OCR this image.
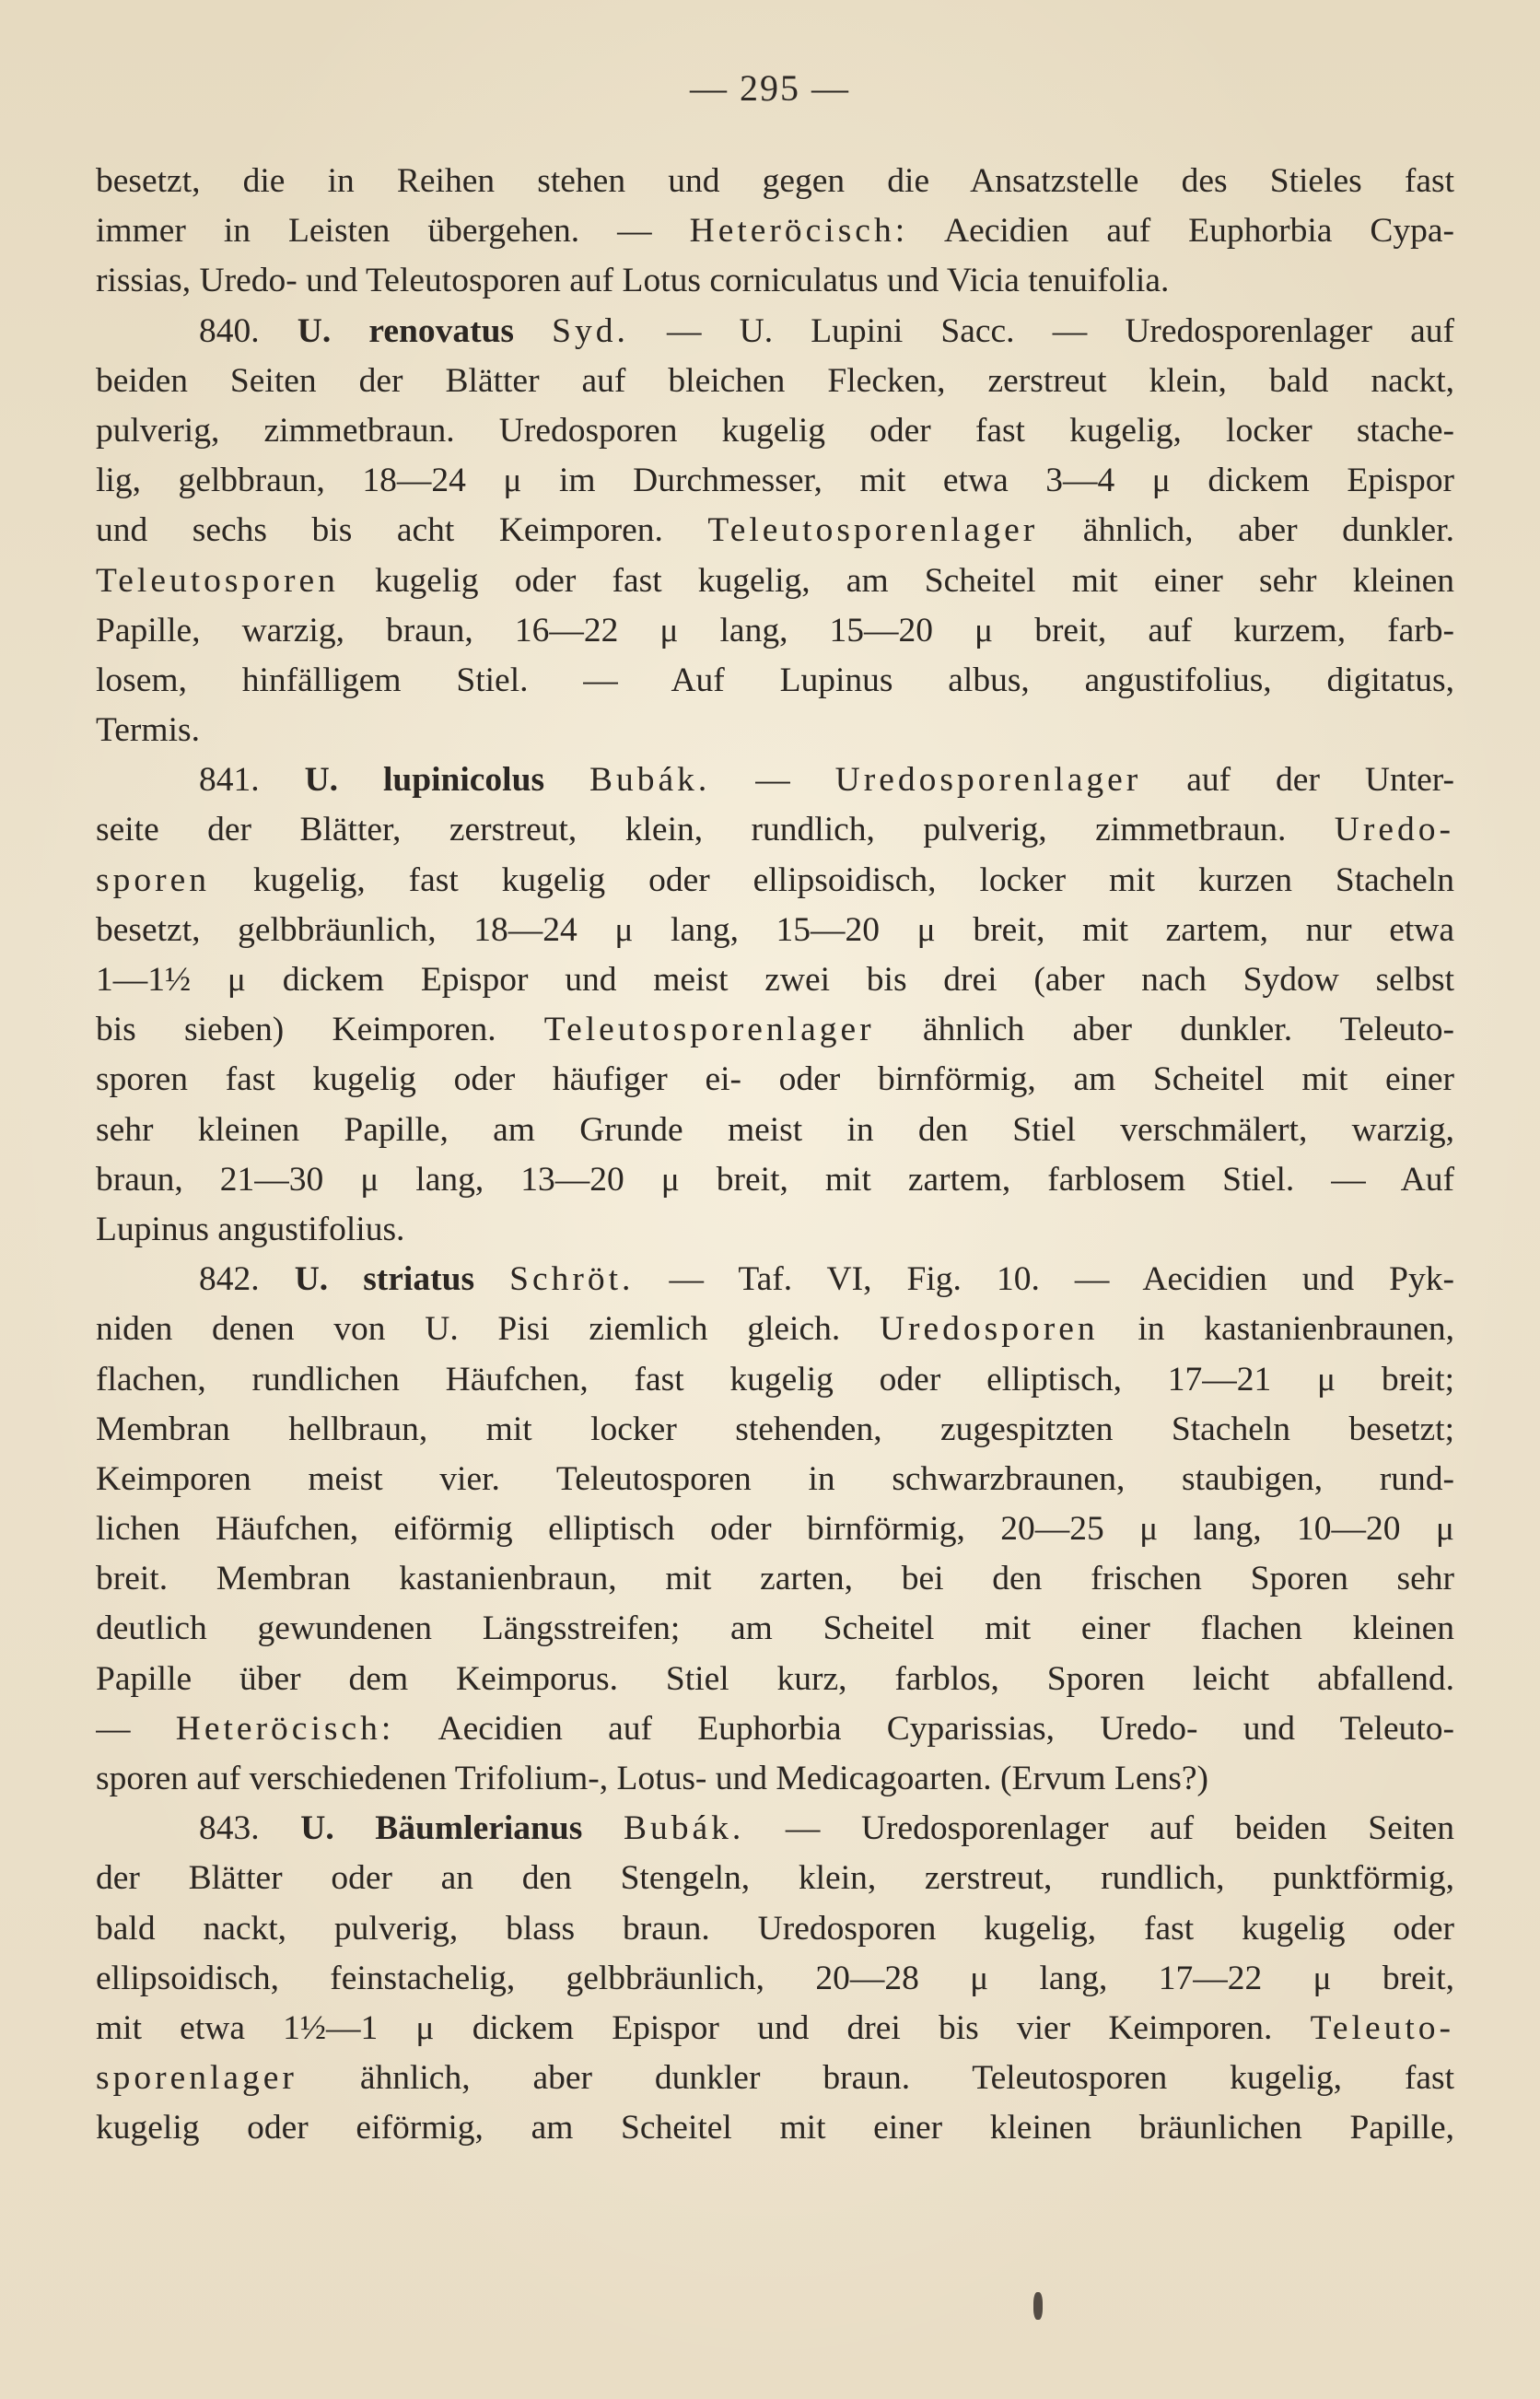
— 295 —
besetzt, die in Reihen stehen und gegen die Ansatzstelle des Stieles fast
immer in Leisten übergehen. — Heteröcisch: Aecidien auf Euphorbia Cypa-
rissias, Uredo- und Teleutosporen auf Lotus corniculatus und Vicia tenuifolia.
840. U. renovatus Syd. — U. Lupini Sacc. — Uredosporenlager auf
beiden Seiten der Blätter auf bleichen Flecken, zerstreut klein, bald nackt,
pulverig, zimmetbraun. Uredosporen kugelig oder fast kugelig, locker stache-
lig, gelbbraun, 18—24 μ im Durchmesser, mit etwa 3—4 μ dickem Epispor
und sechs bis acht Keimporen. Teleutosporenlager ähnlich, aber dunkler.
Teleutosporen kugelig oder fast kugelig, am Scheitel mit einer sehr kleinen
Papille, warzig, braun, 16—22 μ lang, 15—20 μ breit, auf kurzem, farb-
losem, hinfälligem Stiel. — Auf Lupinus albus, angustifolius, digitatus,
Termis.
841. U. lupinicolus Bubák. — Uredosporenlager auf der Unter-
seite der Blätter, zerstreut, klein, rundlich, pulverig, zimmetbraun. Uredo-
sporen kugelig, fast kugelig oder ellipsoidisch, locker mit kurzen Stacheln
besetzt, gelbbräunlich, 18—24 μ lang, 15—20 μ breit, mit zartem, nur etwa
1—1½ μ dickem Epispor und meist zwei bis drei (aber nach Sydow selbst
bis sieben) Keimporen. Teleutosporenlager ähnlich aber dunkler. Teleuto-
sporen fast kugelig oder häufiger ei- oder birnförmig, am Scheitel mit einer
sehr kleinen Papille, am Grunde meist in den Stiel verschmälert, warzig,
braun, 21—30 μ lang, 13—20 μ breit, mit zartem, farblosem Stiel. — Auf
Lupinus angustifolius.
842. U. striatus Schröt. — Taf. VI, Fig. 10. — Aecidien und Pyk-
niden denen von U. Pisi ziemlich gleich. Uredosporen in kastanienbraunen,
flachen, rundlichen Häufchen, fast kugelig oder elliptisch, 17—21 μ breit;
Membran hellbraun, mit locker stehenden, zugespitzten Stacheln besetzt;
Keimporen meist vier. Teleutosporen in schwarzbraunen, staubigen, rund-
lichen Häufchen, eiförmig elliptisch oder birnförmig, 20—25 μ lang, 10—20 μ
breit. Membran kastanienbraun, mit zarten, bei den frischen Sporen sehr
deutlich gewundenen Längsstreifen; am Scheitel mit einer flachen kleinen
Papille über dem Keimporus. Stiel kurz, farblos, Sporen leicht abfallend.
— Heteröcisch: Aecidien auf Euphorbia Cyparissias, Uredo- und Teleuto-
sporen auf verschiedenen Trifolium-, Lotus- und Medicagoarten. (Ervum Lens?)
843. U. Bäumlerianus Bubák. — Uredosporenlager auf beiden Seiten
der Blätter oder an den Stengeln, klein, zerstreut, rundlich, punktförmig,
bald nackt, pulverig, blass braun. Uredosporen kugelig, fast kugelig oder
ellipsoidisch, feinstachelig, gelbbräunlich, 20—28 μ lang, 17—22 μ breit,
mit etwa 1½—1 μ dickem Epispor und drei bis vier Keimporen. Teleuto-
sporenlager ähnlich, aber dunkler braun. Teleutosporen kugelig, fast
kugelig oder eiförmig, am Scheitel mit einer kleinen bräunlichen Papille,
